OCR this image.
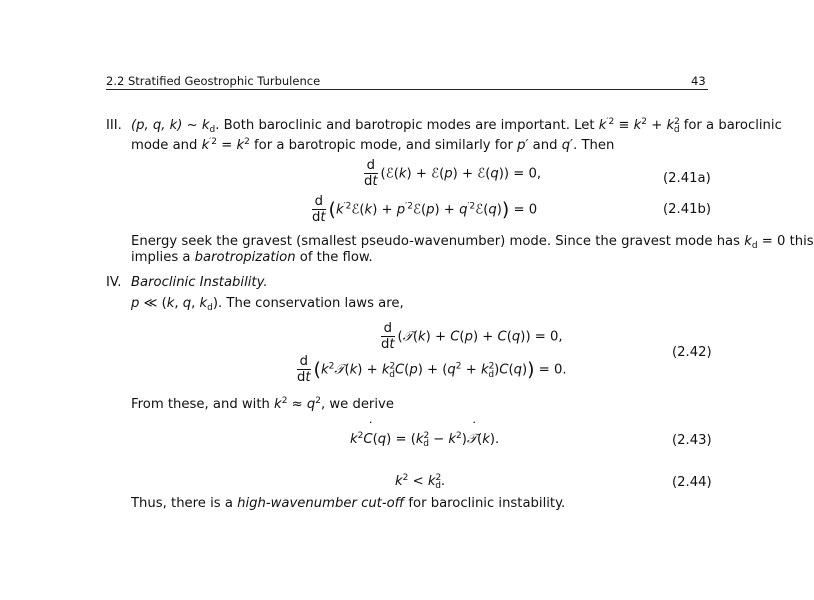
2.2 Stratified Geostrophic Turbulence	43
III. (p, q, k) ~ $k_d$. Both baroclinic and barotropic modes are important. Let $k^{'2} \equiv k^2 + k^2_d$ for a baroclinic
mode and $k^{'2} = k^2$ for a barotropic mode, and similarly for p′ and q′. Then
$\frac{d}{dt}$ (ℰ(k) + ℰ(p) + ℰ(q)) = 0,	(2.41a)
$\frac{d}{dt}$ ($k^{'2}ℰ(k)$ + $p^{'2}ℰ(p)$ + $q^{'2}ℰ(q)) = 0$	(2.41b)
Energy seek the gravest (smallest pseudo-wavenumber) mode. Since the gravest mode has $k_d = 0$ this
implies a barotropization of the flow.
IV. Baroclinic Instability.
p ≪ (k, q, $k_d$). The conservation laws are,
$\frac{d}{dt}$ (𝒯(k) + C(p) + C(q)) = 0,
$\frac{d}{dt}$ $(k^2𝒯(k) + k^2_dC(p) + (q^2 + k^2_d)C(q)) = 0$.
(2.42)
From these, and with $k^2 \approx q^2$, we derive
$k^2˙$ $C(q) = (k^2_d$ − $k^2)˙$ 𝒯(k).	(2.43)
$k^2 < k^2_d$.	(2.44)
Thus, there is a high-wavenumber cut-off for baroclinic instability.
